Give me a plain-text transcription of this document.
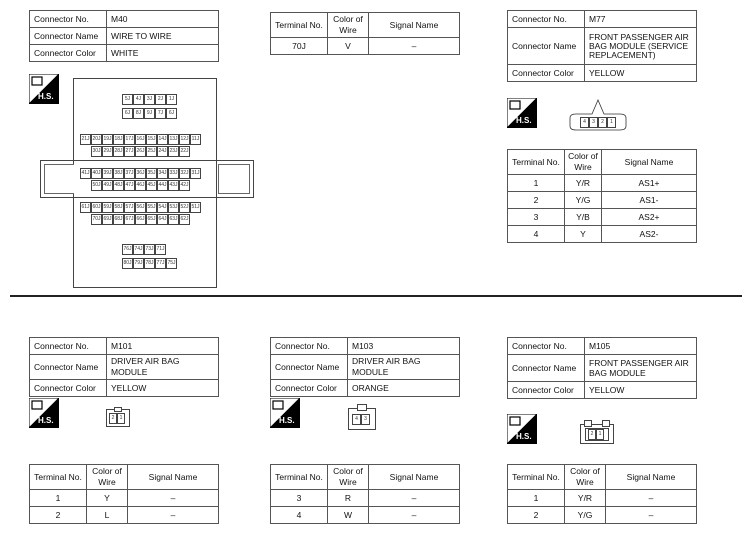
Connector No.	M40
Connector Name	WIRE TO WIRE
Connector Color	WHITE
H.S.	5J	4J	3J	2J	1J
6J	8J	9J	7J	6J
21J 20J 19J 18J 17J 16J 15J 14J 13J 12J 11J
30J 29J 28J 27J 26J 25J 24J 23J 22J
41J 40J 39J 38J 37J 36J 35J 34J 33J 32J 31J
50J 49J 48J 47J 46J 45J 44J 43J 42J
61J 60J 59J 58J 57J 56J 55J 54J 53J 52J 51J
70J 69J 68J 67J 66J 65J 64J 63J 62J
76J 74J 73J 71J
80J 79J 78J 77J 75J
Terminal No.	Color of Wire	Signal Name
70J	V	–
Connector No.	M77
Connector Name	FRONT PASSENGER AIR BAG MODULE (SERVICE REPLACEMENT)
Connector Color	YELLOW
H.S.	4	3	2	1
Terminal No.	Color of Wire	Signal Name
1	Y/R	AS1+
2	Y/G	AS1-
3	Y/B	AS2+
4	Y	AS2-
Connector No.	M101
Connector Name	DRIVER AIR BAG MODULE
Connector Color	YELLOW
H.S.	2	1
Terminal No.	Color of Wire	Signal Name
1	Y	–
2	L	–
Connector No.	M103
Connector Name	DRIVER AIR BAG MODULE
Connector Color	ORANGE
H.S.	4	3
Terminal No.	Color of Wire	Signal Name
3	R	–
4	W	–
Connector No.	M105
Connector Name	FRONT PASSENGER AIR BAG MODULE
Connector Color	YELLOW
H.S.	2	1
Terminal No.	Color of Wire	Signal Name
1	Y/R	–
2	Y/G	–
